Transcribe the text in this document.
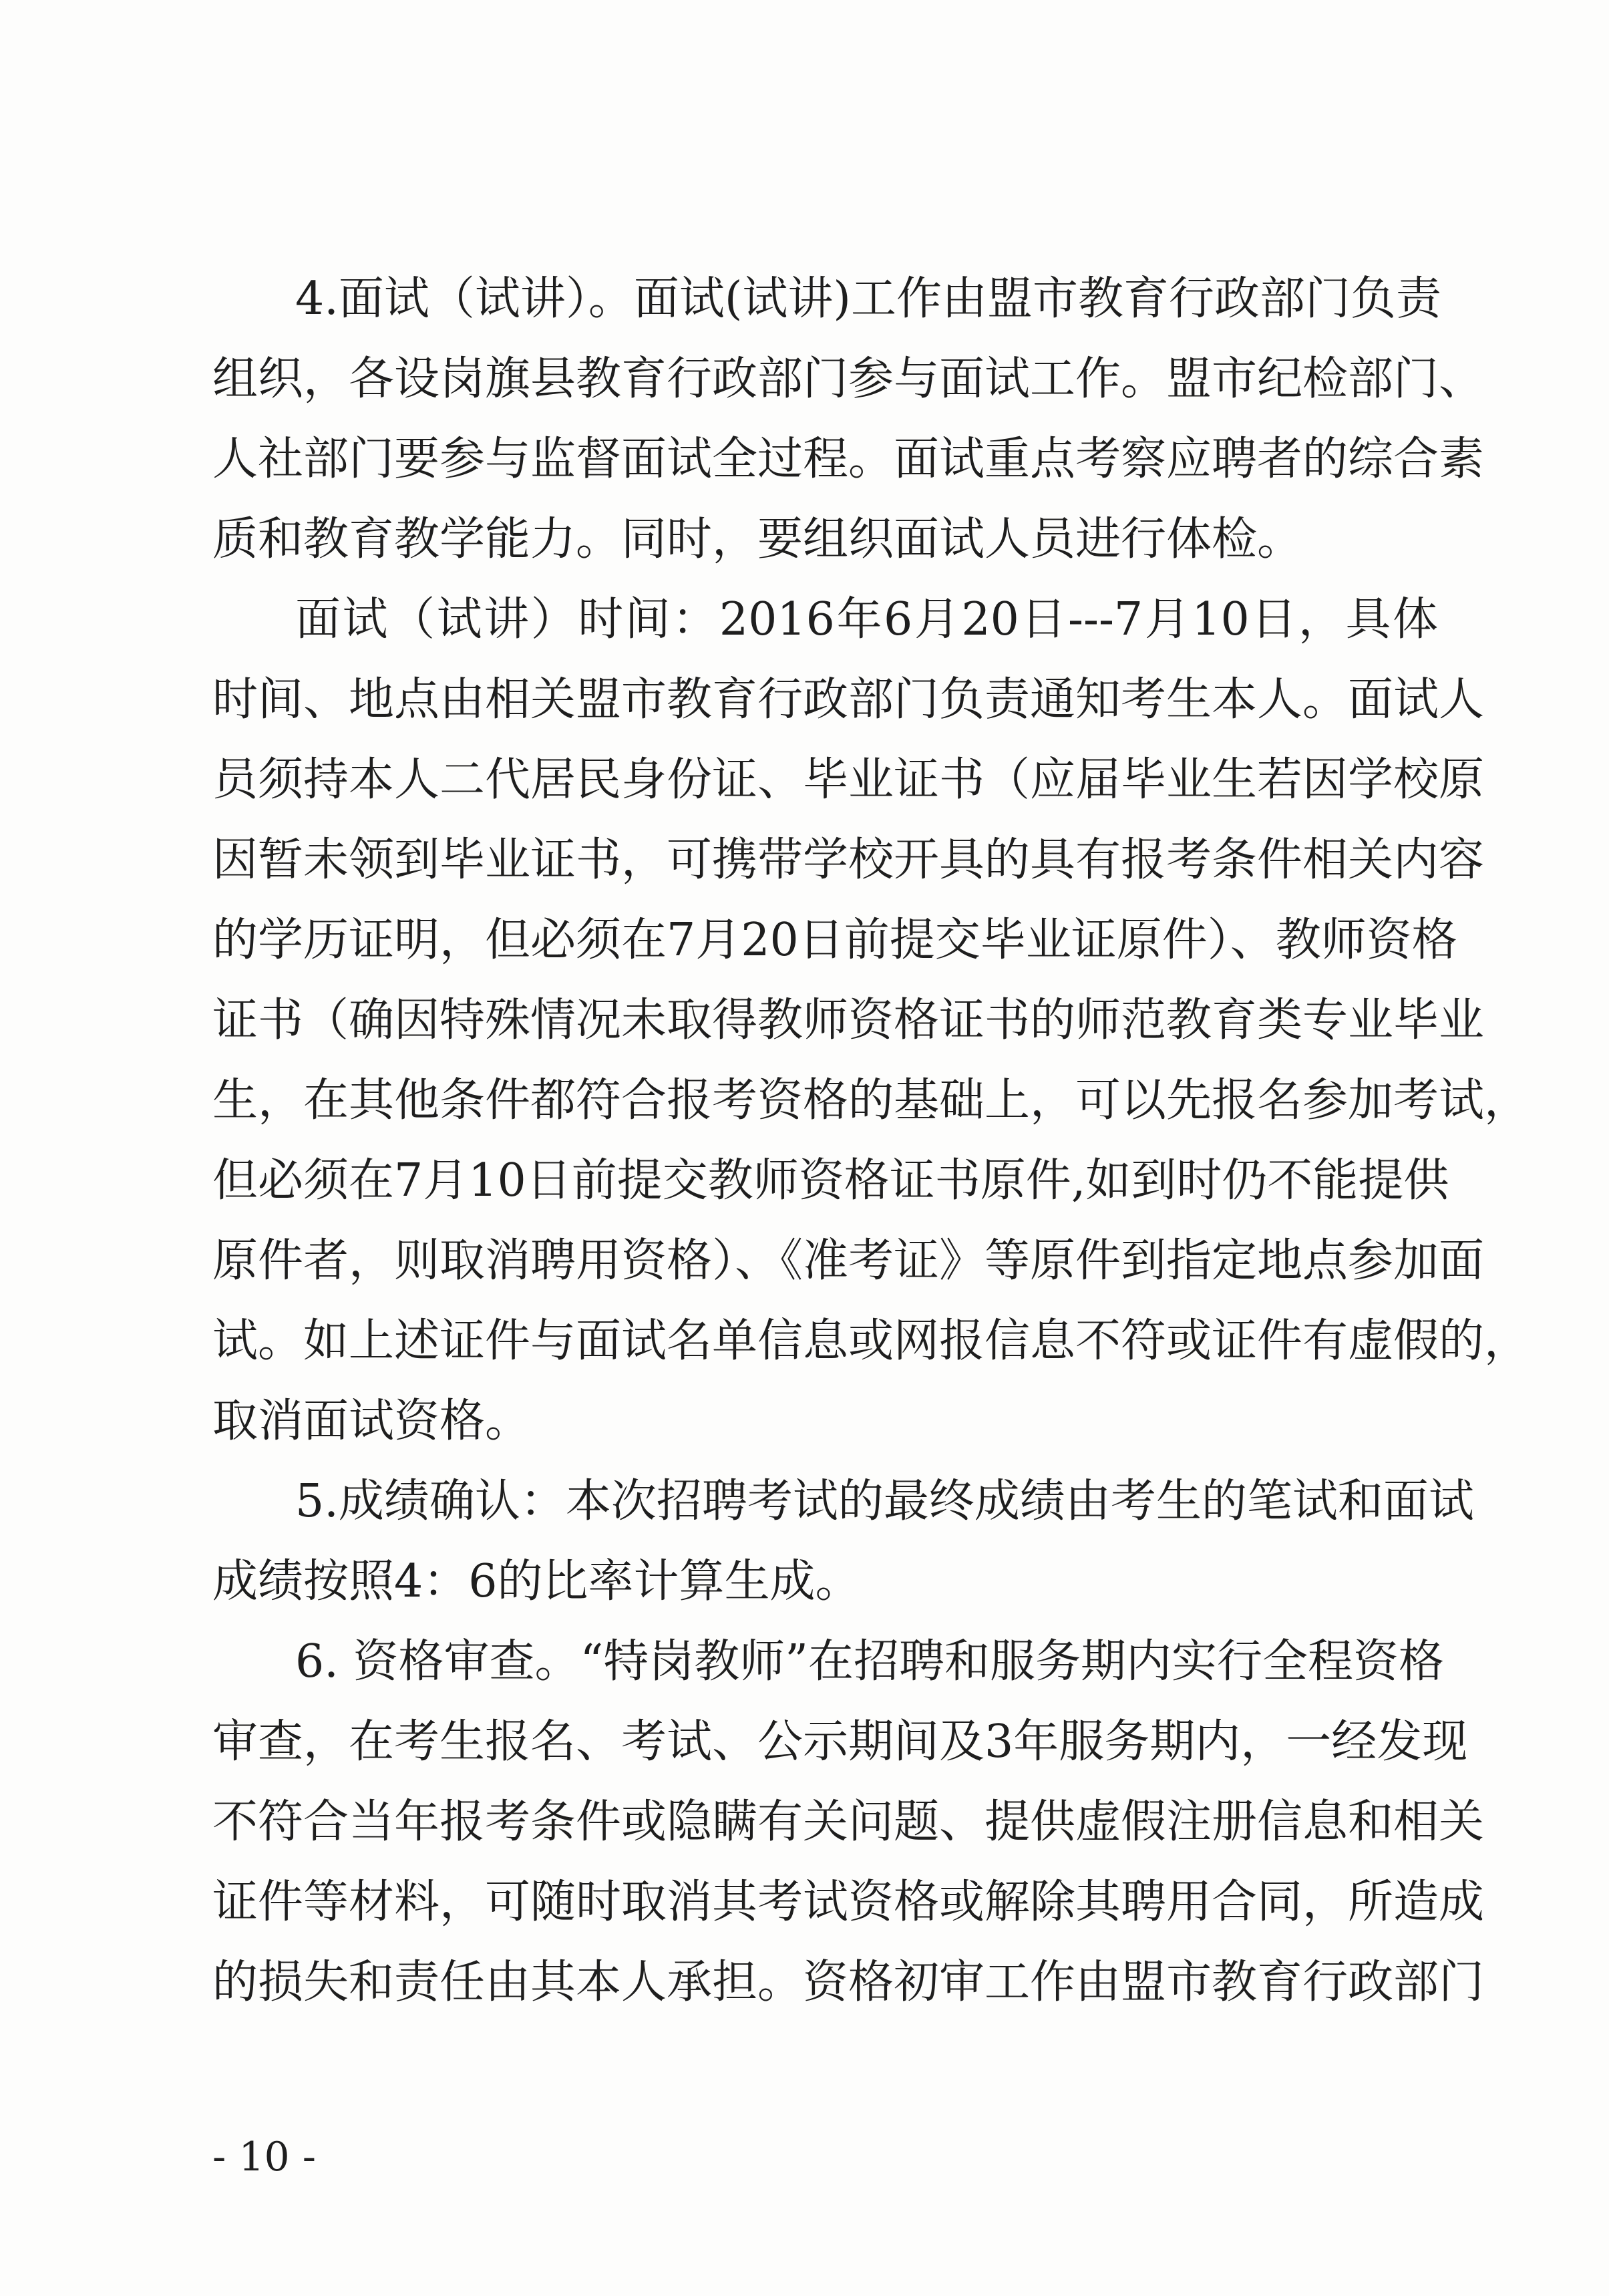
4.面试（试讲）。面试(试讲)工作由盟市教育行政部门负责
组织，各设岗旗县教育行政部门参与面试工作。盟市纪检部门、
人社部门要参与监督面试全过程。面试重点考察应聘者的综合素
质和教育教学能力。同时，要组织面试人员进行体检。
面试（试讲）时间：2016年6月20日---7月10日，具体
时间、地点由相关盟市教育行政部门负责通知考生本人。面试人
员须持本人二代居民身份证、毕业证书（应届毕业生若因学校原
因暂未领到毕业证书，可携带学校开具的具有报考条件相关内容
的学历证明，但必须在7月20日前提交毕业证原件）、教师资格
证书（确因特殊情况未取得教师资格证书的师范教育类专业毕业
生，在其他条件都符合报考资格的基础上，可以先报名参加考试，
但必须在7月10日前提交教师资格证书原件,如到时仍不能提供
原件者，则取消聘用资格）、《准考证》等原件到指定地点参加面
试。如上述证件与面试名单信息或网报信息不符或证件有虚假的，
取消面试资格。
5.成绩确认：本次招聘考试的最终成绩由考生的笔试和面试
成绩按照4：6的比率计算生成。
6. 资格审查。“特岗教师”在招聘和服务期内实行全程资格
审查，在考生报名、考试、公示期间及3年服务期内，一经发现
不符合当年报考条件或隐瞒有关问题、提供虚假注册信息和相关
证件等材料，可随时取消其考试资格或解除其聘用合同，所造成
的损失和责任由其本人承担。资格初审工作由盟市教育行政部门
- 10 -
